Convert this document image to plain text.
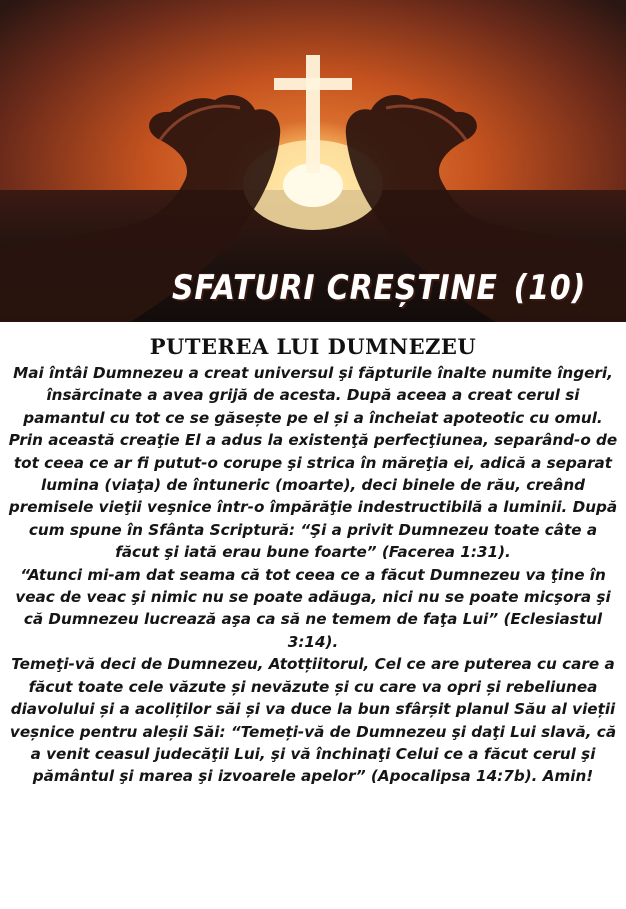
SFATURI CREȘTINE (10)
PUTEREA LUI DUMNEZEU

Mai întâi Dumnezeu a creat universul şi făpturile înalte numite îngeri, însărcinate a avea grijă de acesta. După aceea a creat cerul si pamantul cu tot ce se găsește pe el și a încheiat apoteotic cu omul. Prin această creaţie El a adus la existenţă perfecţiunea, separând-o de tot ceea ce ar fi putut-o corupe şi strica în măreţia ei, adică a separat lumina (viaţa) de întuneric (moarte), deci binele de rău, creând premisele vieţii veşnice într-o împărăţie indestructibilă a luminii. După cum spune în Sfânta Scriptură: “Şi a privit Dumnezeu toate câte a făcut şi iată erau bune foarte” (Facerea 1:31).

“Atunci mi-am dat seama că tot ceea ce a făcut Dumnezeu va ţine în veac de veac şi nimic nu se poate adăuga, nici nu se poate micşora şi că Dumnezeu lucrează aşa ca să ne temem de faţa Lui” (Eclesiastul 3:14).

Temeţi-vă deci de Dumnezeu, Atotțiitorul, Cel ce are puterea cu care a făcut toate cele văzute și nevăzute și cu care va opri și rebeliunea diavolului și a acoliților săi și va duce la bun sfârșit planul Său al vieții veșnice pentru aleșii Săi: “Temeți-vă de Dumnezeu şi daţi Lui slavă, că a venit ceasul judecăţii Lui, şi vă închinaţi Celui ce a făcut cerul şi pământul şi marea şi izvoarele apelor” (Apocalipsa 14:7b). Amin!
